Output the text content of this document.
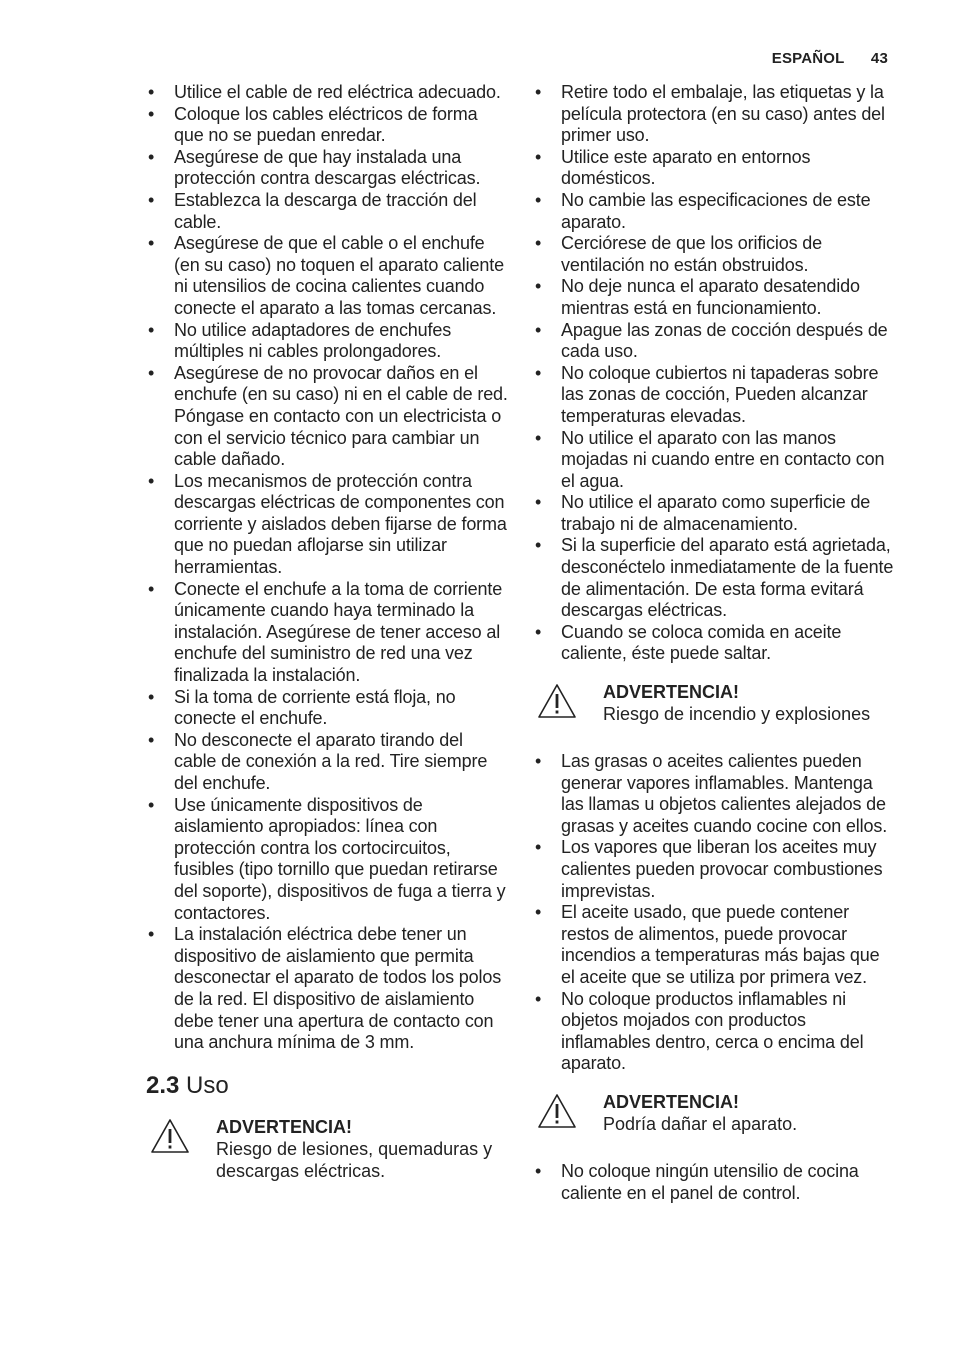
ESPAÑOL 43
• Utilice el cable de red eléctrica adecuado.
• Coloque los cables eléctricos de forma que no se puedan enredar.
• Asegúrese de que hay instalada una protección contra descargas eléctricas.
• Establezca la descarga de tracción del cable.
• Asegúrese de que el cable o el enchufe (en su caso) no toquen el aparato caliente ni utensilios de cocina calientes cuando conecte el aparato a las tomas cercanas.
• No utilice adaptadores de enchufes múltiples ni cables prolongadores.
• Asegúrese de no provocar daños en el enchufe (en su caso) ni en el cable de red. Póngase en contacto con un electricista o con el servicio técnico para cambiar un cable dañado.
• Los mecanismos de protección contra descargas eléctricas de componentes con corriente y aislados deben fijarse de forma que no puedan aflojarse sin utilizar herramientas.
• Conecte el enchufe a la toma de corriente únicamente cuando haya terminado la instalación. Asegúrese de tener acceso al enchufe del suministro de red una vez finalizada la instalación.
• Si la toma de corriente está floja, no conecte el enchufe.
• No desconecte el aparato tirando del cable de conexión a la red. Tire siempre del enchufe.
• Use únicamente dispositivos de aislamiento apropiados: línea con protección contra los cortocircuitos, fusibles (tipo tornillo que puedan retirarse del soporte), dispositivos de fuga a tierra y contactores.
• La instalación eléctrica debe tener un dispositivo de aislamiento que permita desconectar el aparato de todos los polos de la red. El dispositivo de aislamiento debe tener una apertura de contacto con una anchura mínima de 3 mm.
2.3 Uso
ADVERTENCIA!
Riesgo de lesiones, quemaduras y descargas eléctricas.
• Retire todo el embalaje, las etiquetas y la película protectora (en su caso) antes del primer uso.
• Utilice este aparato en entornos domésticos.
• No cambie las especificaciones de este aparato.
• Cerciórese de que los orificios de ventilación no están obstruidos.
• No deje nunca el aparato desatendido mientras está en funcionamiento.
• Apague las zonas de cocción después de cada uso.
• No coloque cubiertos ni tapaderas sobre las zonas de cocción, Pueden alcanzar temperaturas elevadas.
• No utilice el aparato con las manos mojadas ni cuando entre en contacto con el agua.
• No utilice el aparato como superficie de trabajo ni de almacenamiento.
• Si la superficie del aparato está agrietada, desconéctelo inmediatamente de la fuente de alimentación. De esta forma evitará descargas eléctricas.
• Cuando se coloca comida en aceite caliente, éste puede saltar.
ADVERTENCIA!
Riesgo de incendio y explosiones
• Las grasas o aceites calientes pueden generar vapores inflamables. Mantenga las llamas u objetos calientes alejados de grasas y aceites cuando cocine con ellos.
• Los vapores que liberan los aceites muy calientes pueden provocar combustiones imprevistas.
• El aceite usado, que puede contener restos de alimentos, puede provocar incendios a temperaturas más bajas que el aceite que se utiliza por primera vez.
• No coloque productos inflamables ni objetos mojados con productos inflamables dentro, cerca o encima del aparato.
ADVERTENCIA!
Podría dañar el aparato.
• No coloque ningún utensilio de cocina caliente en el panel de control.
